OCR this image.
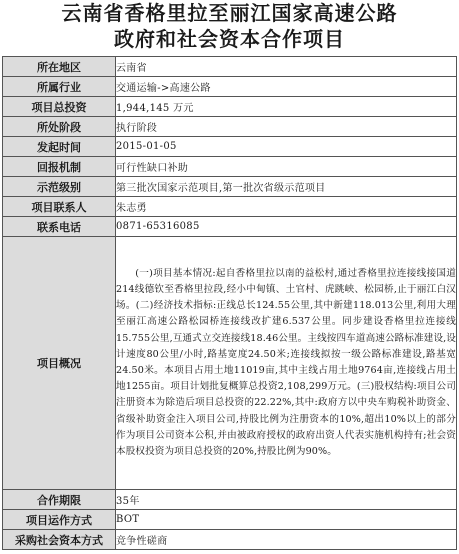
云南省香格里拉至丽江国家高速公路
政府和社会资本合作项目
所在地区	云南省
所属行业	交通运输->高速公路
项目总投资	1,944,145 万元
所处阶段	执行阶段
发起时间	2015-01-05
回报机制	可行性缺口补助
示范级别	第三批次国家示范项目,第一批次省级示范项目
项目联系人	朱志勇
联系电话	0871-65316085
项目概况	(一)项目基本情况:起自香格里拉以南的益松村,通过香格里拉连接线接国道214线德钦至香格里拉段,经小中甸镇、土官村、虎跳峡、松园桥,止于丽江白汉场。(二)经济技术指标:正线总长124.55公里,其中新建118.013公里,利用大理至丽江高速公路松园桥连接线改扩建6.537公里。同步建设香格里拉连接线15.755公里,互通式立交连接线18.46公里。主线按四车道高速公路标准建设,设计速度80公里/小时,路基宽度24.50米;连接线拟按一级公路标准建设,路基宽24.50米。本项目占用土地11019亩,其中主线占用土地9764亩,连接线占用土地1255亩。项目计划批复概算总投资2,108,299万元。(三)股权结构:项目公司注册资本为除造后项目总投资的22.22%,其中:政府方以中央车购税补助资金、省级补助资金注入项目公司,持股比例为注册资本的10%,超出10%以上的部分作为项目公司资本公积,并由被政府授权的政府出资人代表实施机构持有;社会资本股权投资为项目总投资的20%,持股比例为90%。
合作期限	35年
项目运作方式	BOT
采购社会资本方式	竞争性磋商
